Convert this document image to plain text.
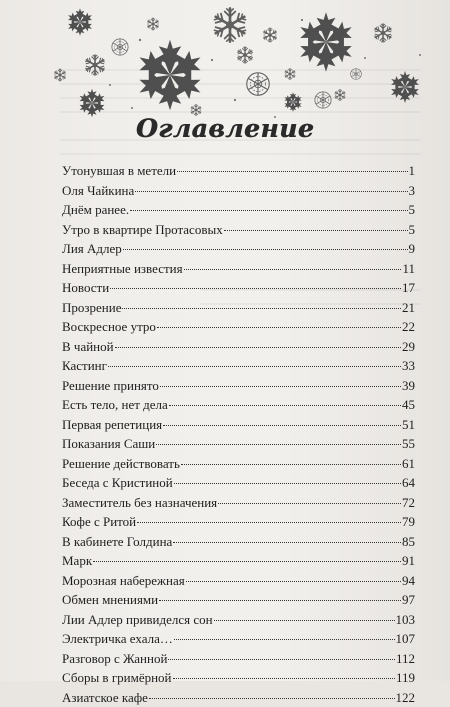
Оглавление
Утонувшая в метели	1
Оля Чайкина	3
Днём ранее.	5
Утро в квартире Протасовых	5
Лия Адлер	9
Неприятные известия	11
Новости	17
Прозрение	21
Воскресное утро	22
В чайной	29
Кастинг	33
Решение принято	39
Есть тело, нет дела	45
Первая репетиция	51
Показания Саши	55
Решение действовать	61
Беседа с Кристиной	64
Заместитель без назначения	72
Кофе с Ритой	79
В кабинете Голдина	85
Марк	91
Морозная набережная	94
Обмен мнениями	97
Лии Адлер привиделся сон	103
Электричка ехала…	107
Разговор с Жанной	112
Сборы в гримёрной	119
Азиатское кафе	122
